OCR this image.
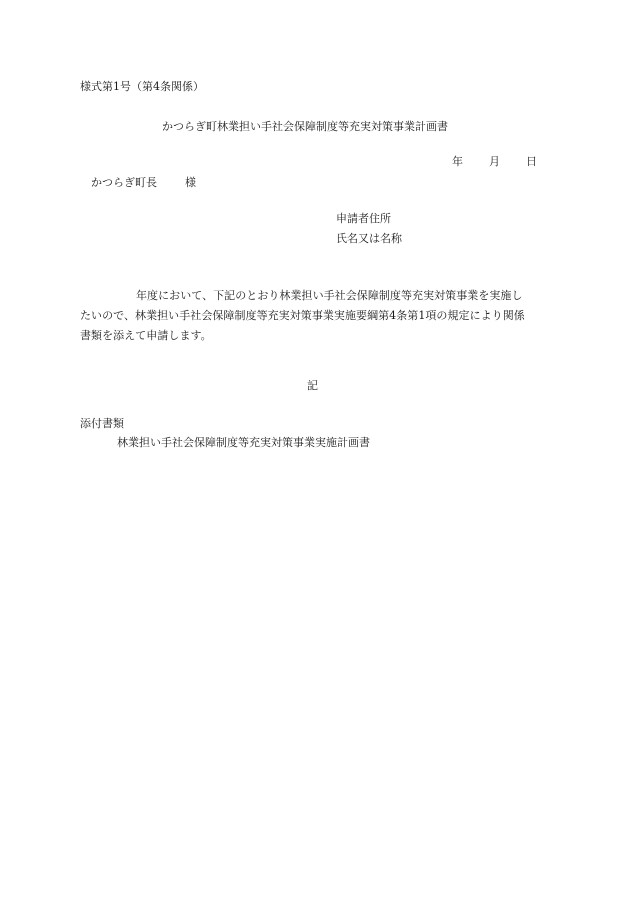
様式第1号（第4条関係）
かつらぎ町林業担い手社会保障制度等充実対策事業計画書
年 月 日
かつらぎ町長	様
申請者住所
氏名又は名称
年度において、下記のとおり林業担い手社会保障制度等充実対策事業を実施し
たいので、林業担い手社会保障制度等充実対策事業実施要綱第4条第1項の規定により関係
書類を添えて申請します。
記
添付書類
林業担い手社会保障制度等充実対策事業実施計画書
